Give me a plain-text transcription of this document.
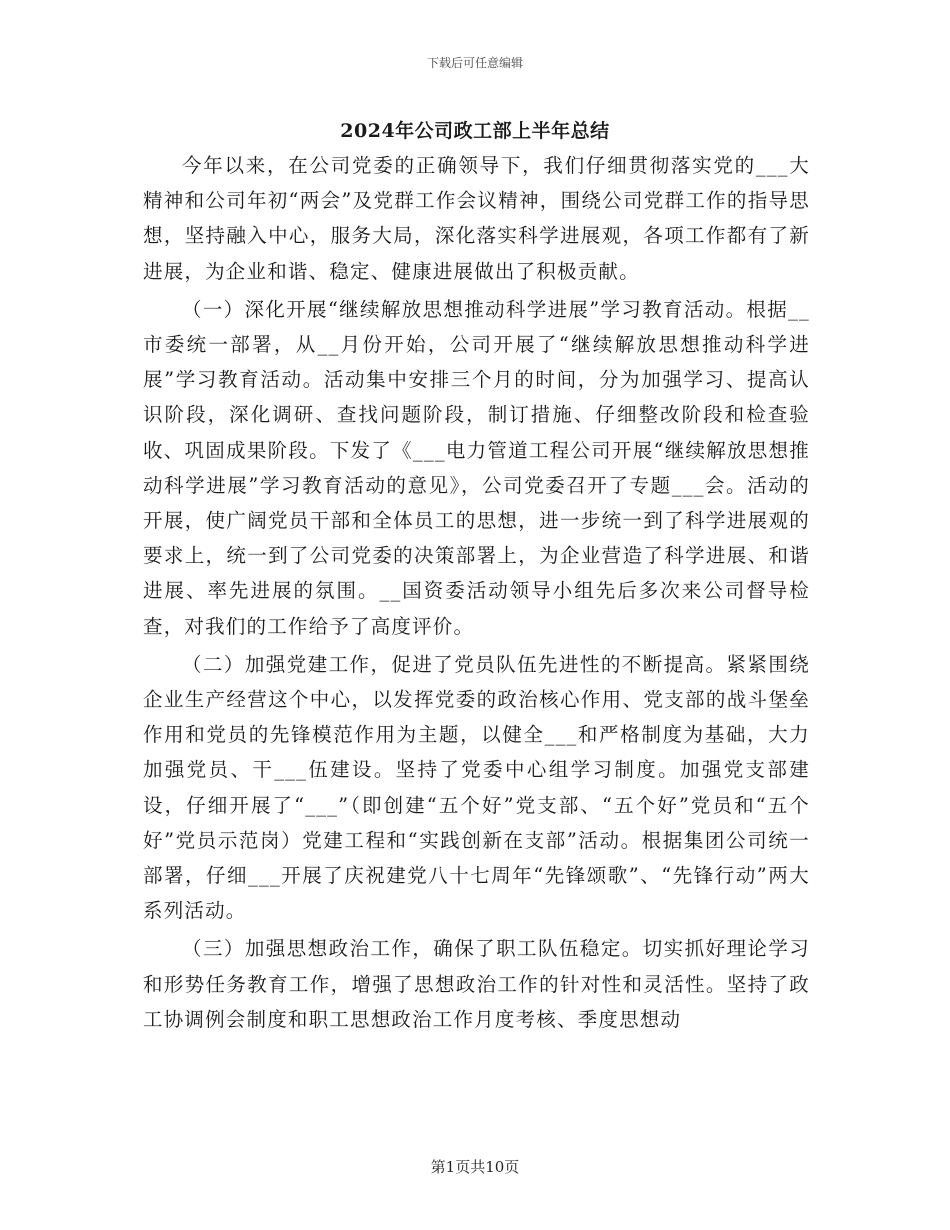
下载后可任意编辑
2024年公司政工部上半年总结

今年以来，在公司党委的正确领导下，我们仔细贯彻落实党的___大精神和公司年初“两会”及党群工作会议精神，围绕公司党群工作的指导思想，坚持融入中心，服务大局，深化落实科学进展观，各项工作都有了新进展，为企业和谐、稳定、健康进展做出了积极贡献。

（一）深化开展“继续解放思想推动科学进展”学习教育活动。根据__市委统一部署，从__月份开始，公司开展了“继续解放思想推动科学进展”学习教育活动。活动集中安排三个月的时间，分为加强学习、提高认识阶段，深化调研、查找问题阶段，制订措施、仔细整改阶段和检查验收、巩固成果阶段。下发了《___电力管道工程公司开展“继续解放思想推动科学进展”学习教育活动的意见》，公司党委召开了专题___会。活动的开展，使广阔党员干部和全体员工的思想，进一步统一到了科学进展观的要求上，统一到了公司党委的决策部署上，为企业营造了科学进展、和谐进展、率先进展的氛围。__国资委活动领导小组先后多次来公司督导检查，对我们的工作给予了高度评价。

（二）加强党建工作，促进了党员队伍先进性的不断提高。紧紧围绕企业生产经营这个中心，以发挥党委的政治核心作用、党支部的战斗堡垒作用和党员的先锋模范作用为主题，以健全___和严格制度为基础，大力加强党员、干___伍建设。坚持了党委中心组学习制度。加强党支部建设，仔细开展了“___”（即创建“五个好”党支部、“五个好”党员和“五个好”党员示范岗）党建工程和“实践创新在支部”活动。根据集团公司统一部署，仔细___开展了庆祝建党八十七周年“先锋颂歌”、“先锋行动”两大系列活动。

（三）加强思想政治工作，确保了职工队伍稳定。切实抓好理论学习和形势任务教育工作，增强了思想政治工作的针对性和灵活性。坚持了政工协调例会制度和职工思想政治工作月度考核、季度思想动

第1页共10页
